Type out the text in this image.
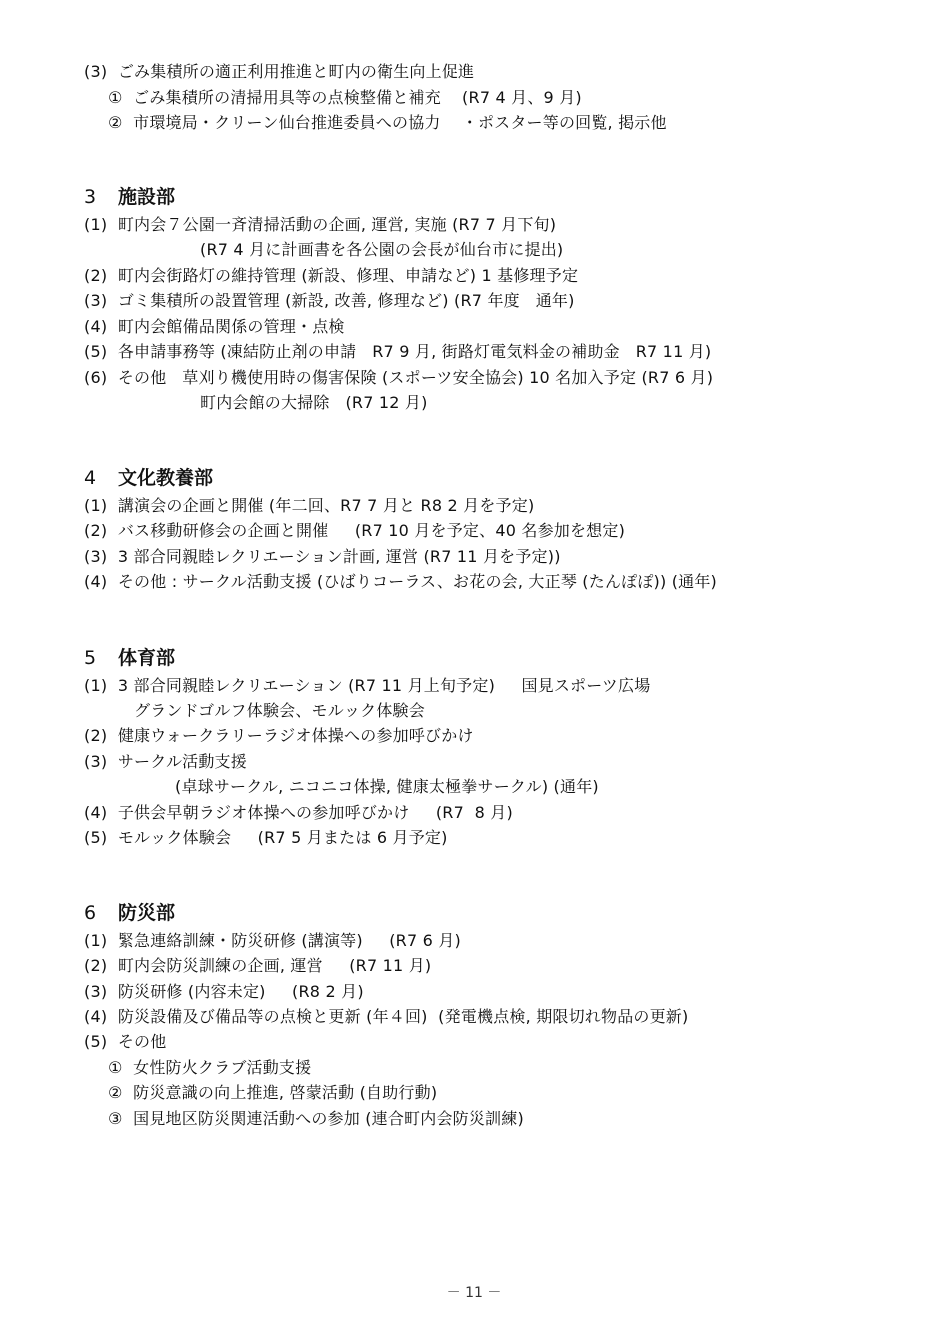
(3)  ごみ集積所の適正利用推進と町内の衛生向上促進
①  ごみ集積所の清掃用具等の点検整備と補充    (R7 4 月、9 月)
②  市環境局・クリーン仙台推進委員への協力    ・ポスター等の回覧, 掲示他
3 施設部
(1)  町内会７公園一斉清掃活動の企画, 運営, 実施 (R7 7 月下旬)
(R7 4 月に計画書を各公園の会長が仙台市に提出)
(2)  町内会街路灯の維持管理 (新設、修理、申請など) 1 基修理予定
(3)  ゴミ集積所の設置管理 (新設, 改善, 修理など) (R7 年度   通年)
(4)  町内会館備品関係の管理・点検
(5)  各申請事務等 (凍結防止剤の申請   R7 9 月, 街路灯電気料金の補助金   R7 11 月)
(6)  その他   草刈り機使用時の傷害保険 (スポーツ安全協会) 10 名加入予定 (R7 6 月)
町内会館の大掃除   (R7 12 月)
4 文化教養部
(1)  講演会の企画と開催 (年二回、R7 7 月と R8 2 月を予定)
(2)  バス移動研修会の企画と開催     (R7 10 月を予定、40 名参加を想定)
(3)  3 部合同親睦レクリエーション計画, 運営 (R7 11 月を予定))
(4)  その他 : サークル活動支援 (ひばりコーラス、お花の会, 大正琴 (たんぽぽ)) (通年)
5 体育部
(1)  3 部合同親睦レクリエーション (R7 11 月上旬予定)     国見スポーツ広場
グランドゴルフ体験会、モルック体験会
(2)  健康ウォークラリーラジオ体操への参加呼びかけ
(3)  サークル活動支援
(卓球サークル, ニコニコ体操, 健康太極拳サークル) (通年)
(4)  子供会早朝ラジオ体操への参加呼びかけ     (R7  8 月)
(5)  モルック体験会     (R7 5 月または 6 月予定)
6 防災部
(1)  緊急連絡訓練・防災研修 (講演等)     (R7 6 月)
(2)  町内会防災訓練の企画, 運営     (R7 11 月)
(3)  防災研修 (内容未定)     (R8 2 月)
(4)  防災設備及び備品等の点検と更新 (年４回)  (発電機点検, 期限切れ物品の更新)
(5)  その他
①  女性防火クラブ活動支援
②  防災意識の向上推進, 啓蒙活動 (自助行動)
③  国見地区防災関連活動への参加 (連合町内会防災訓練)
－ 11 －
